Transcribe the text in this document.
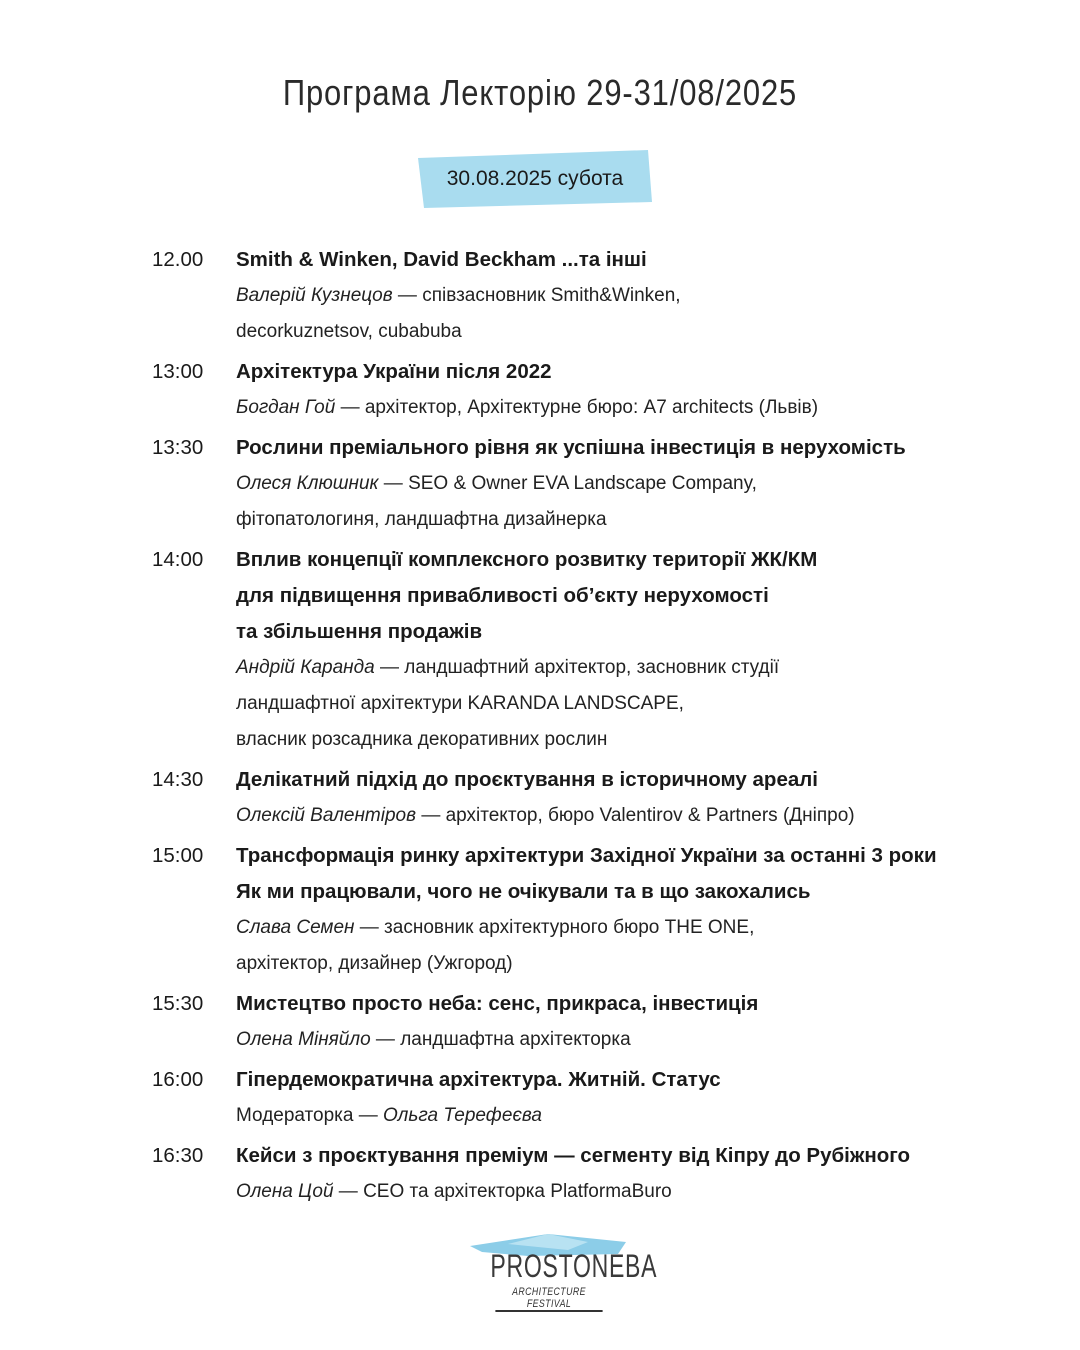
Програма Лекторію 29-31/08/2025
30.08.2025 субота
12.00	Smith & Winken, David Beckham ...та інші
Валерій Кузнецов — співзасновник Smith&Winken,
decorkuznetsov, cubabuba
13:00	Архітектура України після 2022
Богдан Гой — архітектор, Архітектурне бюро: A7 architects (Львів)
13:30	Рослини преміального рівня як успішна інвестиція в нерухомість
Олеся Клюшник — SEO & Owner EVA Landscape Company,
фітопатологиня, ландшафтна дизайнерка
14:00	Вплив концепції комплексного розвитку території ЖК/КМ
для підвищення привабливості об’єкту нерухомості
та збільшення продажів
Андрій Каранда — ландшафтний архітектор, засновник студії
ландшафтної архітектури KARANDA LANDSCAPE,
власник розсадника декоративних рослин
14:30	Делікатний підхід до проєктування в історичному ареалі
Олексій Валентіров — архітектор, бюро Valentirov & Partners (Дніпро)
15:00	Трансформація ринку архітектури Західної України за останні 3 роки
Як ми працювали, чого не очікували та в що закохались
Слава Семен — засновник архітектурного бюро THE ONE,
архітектор, дизайнер (Ужгород)
15:30	Мистецтво просто неба: сенс, прикраса, інвестиція
Олена Міняйло — ландшафтна архітекторка
16:00	Гіпердемократична архітектура. Житній. Статус
Модераторка — Ольга Терефеєва
16:30	Кейси з проєктування преміум — сегменту від Кіпру до Рубіжного
Олена Цой — CEO та архітекторка PlatformaBuro
PROSTONEBA
ARCHITECTURE FESTIVAL
